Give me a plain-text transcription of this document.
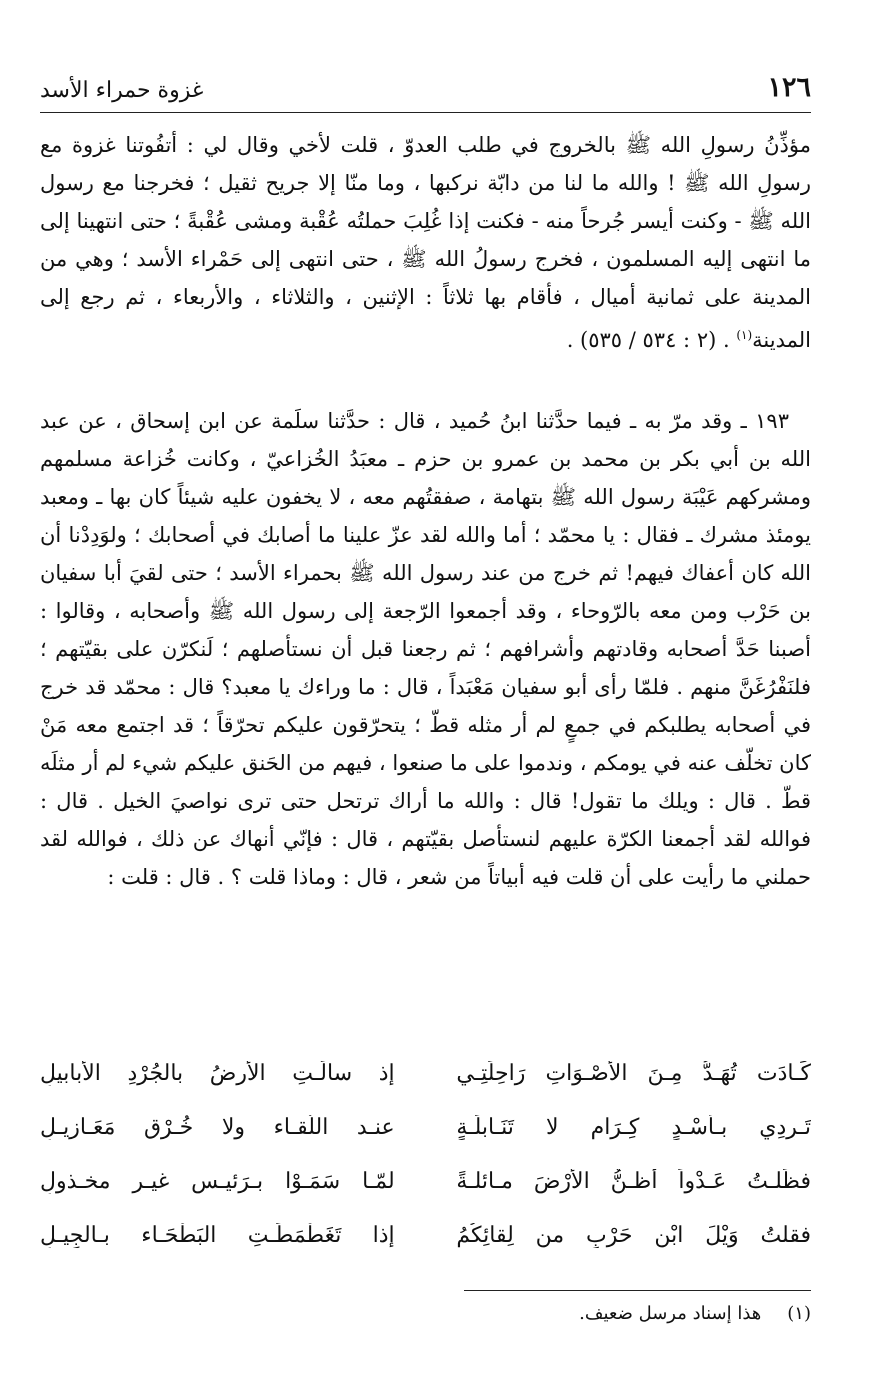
١٢٦
غزوة حمراء الأسد
مؤذِّنُ رسولِ الله ﷺ بالخروج في طلب العدوّ ، قلت لأخي وقال لي : أتفُوتنا غزوة مع رسولِ الله ﷺ ! والله ما لنا من دابّة نركبها ، وما منّا إلا جريح ثقيل ؛ فخرجنا مع رسول الله ﷺ - وكنت أيسر جُرحاً منه - فكنت إذا غُلِبَ حملتُه عُقْبة ومشى عُقْبةً ؛ حتى انتهينا إلى ما انتهى إليه المسلمون ، فخرج رسولُ الله ﷺ ، حتى انتهى إلى حَمْراء الأسد ؛ وهي من المدينة على ثمانية أميال ، فأقام بها ثلاثاً : الإثنين ، والثلاثاء ، والأربعاء ، ثم رجع إلى المدينة$^{(١)}$ . (٢ : ٥٣٤ / ٥٣٥) .
١٩٣ ـ وقد مرّ به ـ فيما حدَّثنا ابنُ حُميد ، قال : حدَّثنا سلَمة عن ابن إسحاق ، عن عبد الله بن أبي بكر بن محمد بن عمرو بن حزم ـ معبَدُ الخُزاعيّ ، وكانت خُزاعة مسلمهم ومشركهم عَيْبَة رسول الله ﷺ بتهامة ، صفقتُهم معه ، لا يخفون عليه شيئاً كان بها ـ ومعبد يومئذ مشرك ـ فقال : يا محمّد ؛ أما والله لقد عزّ علينا ما أصابك في أصحابك ؛ ولوَدِدْنا أن الله كان أعفاك فيهم! ثم خرج من عند رسول الله ﷺ بحمراء الأسد ؛ حتى لقيَ أبا سفيان بن حَرْب ومن معه بالرّوحاء ، وقد أجمعوا الرّجعة إلى رسول الله ﷺ وأصحابه ، وقالوا : أصبنا حَدَّ أصحابه وقادتهم وأشرافهم ؛ ثم رجعنا قبل أن نستأصلهم ؛ لَنكرّن على بقيّتهم ؛ فلنَفْرُغَنَّ منهم . فلمّا رأى أبو سفيان مَعْبَداً ، قال : ما وراءك يا معبد؟ قال : محمّد قد خرج في أصحابه يطلبكم في جمعٍ لم أر مثله قطّ ؛ يتحرّقون عليكم تحرّقاً ؛ قد اجتمع معه مَنْ كان تخلّف عنه في يومكم ، وندموا على ما صنعوا ، فيهم من الحَنق عليكم شيء لم أر مثلَه قطّ . قال : ويلك ما تقول! قال : والله ما أراك ترتحل حتى ترى نواصيَ الخيل . قال : فوالله لقد أجمعنا الكرّة عليهم لنستأصل بقيّتهم ، قال : فإنّي أنهاك عن ذلك ، فوالله لقد حملني ما رأيت على أن قلت فيه أبياتاً من شعر ، قال : وماذا قلت ؟ . قال : قلت :
كَـادَت تُهَـدُّ مِـنَ الأَصْـوَاتِ رَاحِلَتِـي
إذ سالَـتِ الأرضُ بالجُرْدِ الأبابيلِ
تَـرِدِي بـأسْـدٍ كِـرَام لا تَنَـابلَـةٍ
عنـد اللّقـاء ولا خُـرْقٍ مَعَـازيـلِ
فظَلـتُ عَـدْواً أظـنُّ الأرْضَ مـائلـةً
لمّـا سَمَـوْا بـرَئيـسٍ غيـرِ مخـذولِ
فقلتُ وَيْلَ ابْنِ حَرْبٍ من لِقائِكُمُ
إذا تَغَطْمَطَـتِ البَطْحَـاء بـالجِيـلِ
(١) هذا إسناد مرسل ضعيف.
